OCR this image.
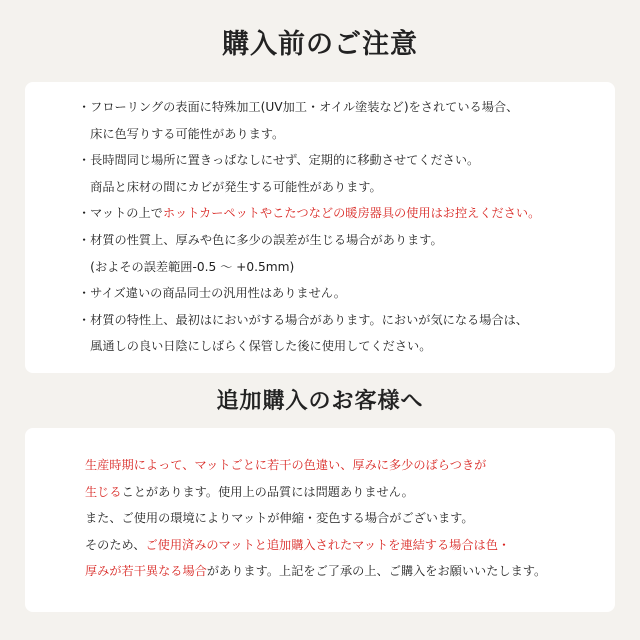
購入前のご注意
・フローリングの表面に特殊加工(UV加工・オイル塗装など)をされている場合、
　床に色写りする可能性があります。
・長時間同じ場所に置きっぱなしにせず、定期的に移動させてください。
　商品と床材の間にカビが発生する可能性があります。
・マットの上でホットカーペットやこたつなどの暖房器具の使用はお控えください。
・材質の性質上、厚みや色に多少の誤差が生じる場合があります。
　(およその誤差範囲-0.5 ～ +0.5mm)
・サイズ違いの商品同士の汎用性はありません。
・材質の特性上、最初はにおいがする場合があります。においが気になる場合は、
　風通しの良い日陰にしばらく保管した後に使用してください。
追加購入のお客様へ
生産時期によって、マットごとに若干の色違い、厚みに多少のばらつきが
生じることがあります。使用上の品質には問題ありません。
また、ご使用の環境によりマットが伸縮・変色する場合がございます。
そのため、ご使用済みのマットと追加購入されたマットを連結する場合は色・
厚みが若干異なる場合があります。上記をご了承の上、ご購入をお願いいたします。
